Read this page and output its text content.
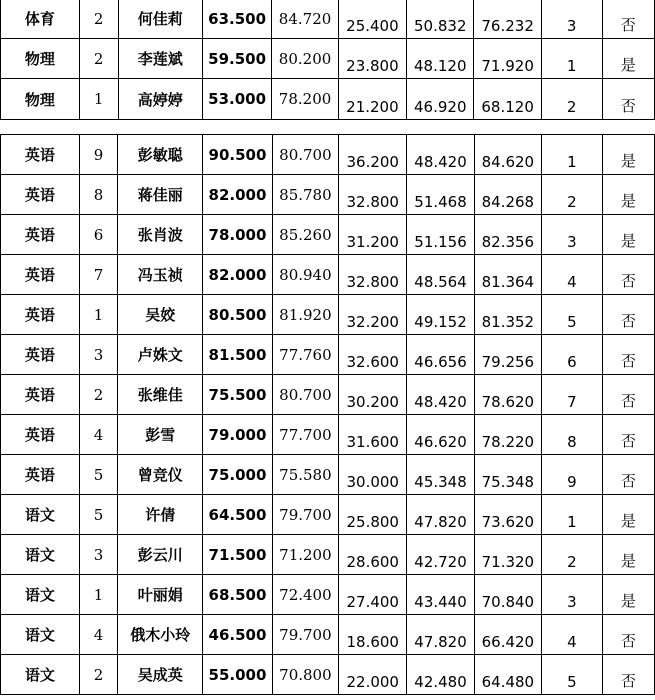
体育	2	何佳莉	63.500	84.720	25.400	50.832	76.232	3	否
物理	2	李莲斌	59.500	80.200	23.800	48.120	71.920	1	是
物理	1	高婷婷	53.000	78.200	21.200	46.920	68.120	2	否
英语	9	彭敏聪	90.500	80.700	36.200	48.420	84.620	1	是
英语	8	蒋佳丽	82.000	85.780	32.800	51.468	84.268	2	是
英语	6	张肖波	78.000	85.260	31.200	51.156	82.356	3	是
英语	7	冯玉祯	82.000	80.940	32.800	48.564	81.364	4	否
英语	1	吴姣	80.500	81.920	32.200	49.152	81.352	5	否
英语	3	卢姝文	81.500	77.760	32.600	46.656	79.256	6	否
英语	2	张维佳	75.500	80.700	30.200	48.420	78.620	7	否
英语	4	彭雪	79.000	77.700	31.600	46.620	78.220	8	否
英语	5	曾竞仪	75.000	75.580	30.000	45.348	75.348	9	否
语文	5	许倩	64.500	79.700	25.800	47.820	73.620	1	是
语文	3	彭云川	71.500	71.200	28.600	42.720	71.320	2	是
语文	1	叶丽娟	68.500	72.400	27.400	43.440	70.840	3	是
语文	4	俄木小玲	46.500	79.700	18.600	47.820	66.420	4	否
语文	2	吴成英	55.000	70.800	22.000	42.480	64.480	5	否
